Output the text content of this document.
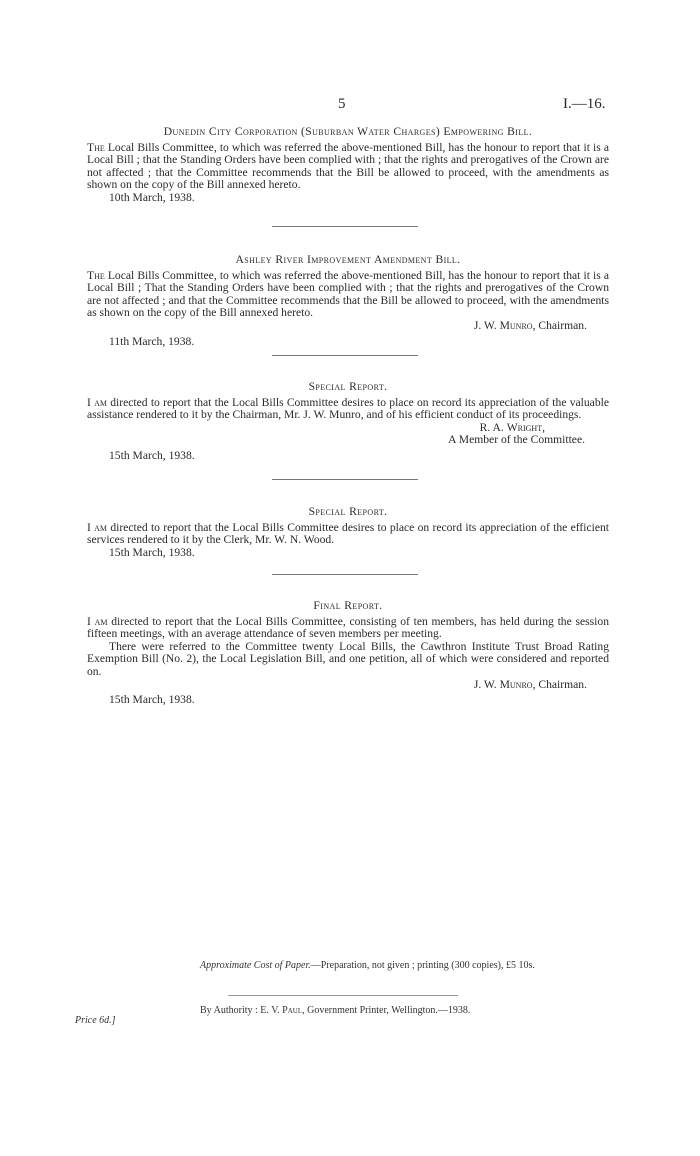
5	I.—16.

Dunedin City Corporation (Suburban Water Charges) Empowering Bill.

The Local Bills Committee, to which was referred the above-mentioned Bill, has the honour to report that it is a Local Bill ; that the Standing Orders have been complied with ; that the rights and prerogatives of the Crown are not affected ; that the Committee recommends that the Bill be allowed to proceed, with the amendments as shown on the copy of the Bill annexed hereto.

10th March, 1938.

Ashley River Improvement Amendment Bill.

The Local Bills Committee, to which was referred the above-mentioned Bill, has the honour to report that it is a Local Bill ; That the Standing Orders have been complied with ; that the rights and prerogatives of the Crown are not affected ; and that the Committee recommends that the Bill be allowed to proceed, with the amendments as shown on the copy of the Bill annexed hereto.

J. W. Munro, Chairman.

11th March, 1938.

Special Report.

I am directed to report that the Local Bills Committee desires to place on record its appreciation of the valuable assistance rendered to it by the Chairman, Mr. J. W. Munro, and of his efficient conduct of its proceedings.

R. A. Wright,

A Member of the Committee.

15th March, 1938.

Special Report.

I am directed to report that the Local Bills Committee desires to place on record its appreciation of the efficient services rendered to it by the Clerk, Mr. W. N. Wood.

15th March, 1938.

Final Report.

I am directed to report that the Local Bills Committee, consisting of ten members, has held during the session fifteen meetings, with an average attendance of seven members per meeting.

There were referred to the Committee twenty Local Bills, the Cawthron Institute Trust Broad Rating Exemption Bill (No. 2), the Local Legislation Bill, and one petition, all of which were considered and reported on.

J. W. Munro, Chairman.

15th March, 1938.

Approximate Cost of Paper.—Preparation, not given ; printing (300 copies), £5 10s.
By Authority : E. V. Paul, Government Printer, Wellington.—1938.
Price 6d.]
